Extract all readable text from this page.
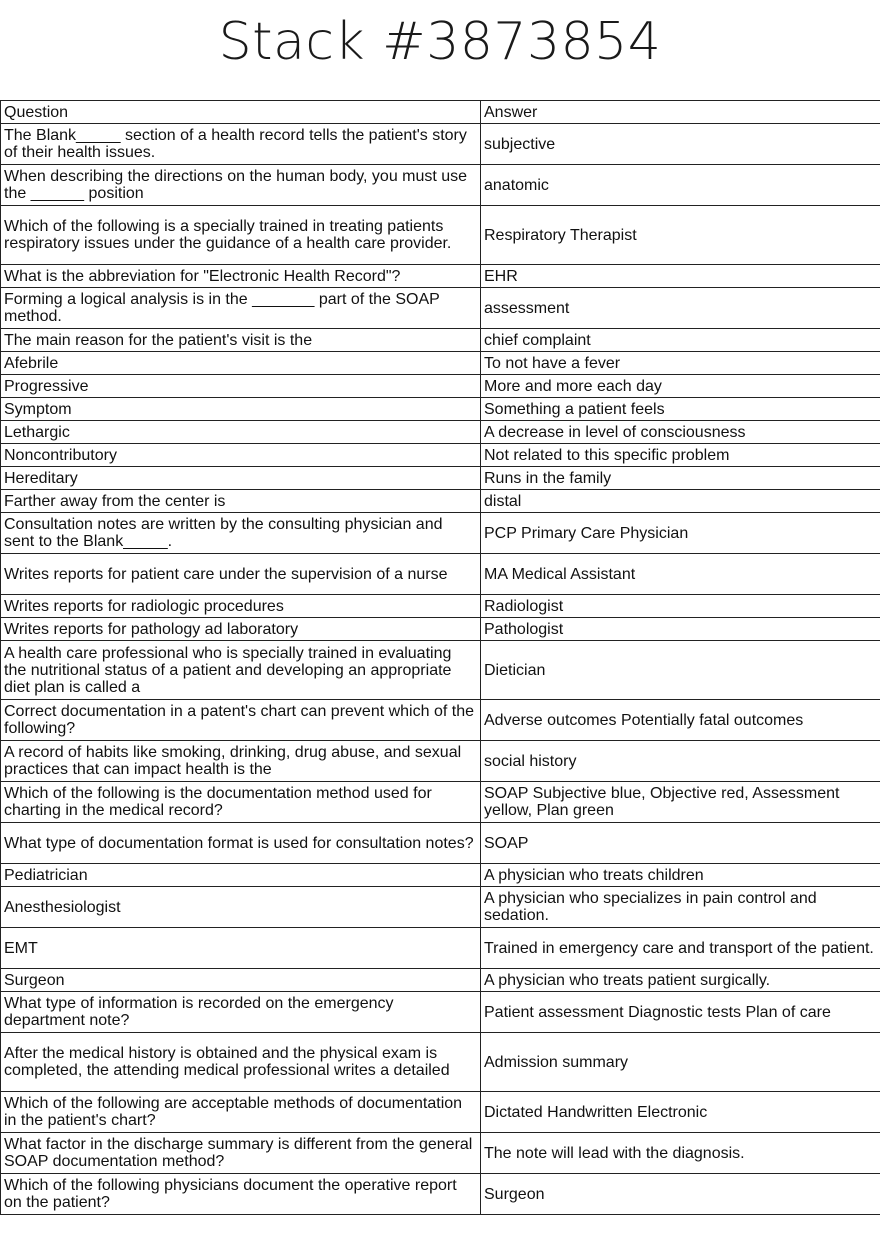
Stack #3873854
Question	Answer
The Blank_____ section of a health record tells the patient's story of their health issues.	subjective
When describing the directions on the human body, you must use the ______ position	anatomic
Which of the following is a specially trained in treating patients respiratory issues under the guidance of a health care provider.	Respiratory Therapist
What is the abbreviation for "Electronic Health Record"?	EHR
Forming a logical analysis is in the _______ part of the SOAP method.	assessment
The main reason for the patient's visit is the	chief complaint
Afebrile	To not have a fever
Progressive	More and more each day
Symptom	Something a patient feels
Lethargic	A decrease in level of consciousness
Noncontributory	Not related to this specific problem
Hereditary	Runs in the family
Farther away from the center is	distal
Consultation notes are written by the consulting physician and sent to the Blank_____.	PCP Primary Care Physician
Writes reports for patient care under the supervision of a nurse	MA Medical Assistant
Writes reports for radiologic procedures	Radiologist
Writes reports for pathology ad laboratory	Pathologist
A health care professional who is specially trained in evaluating the nutritional status of a patient and developing an appropriate diet plan is called a	Dietician
Correct documentation in a patent's chart can prevent which of the following?	Adverse outcomes Potentially fatal outcomes
A record of habits like smoking, drinking, drug abuse, and sexual practices that can impact health is the	social history
Which of the following is the documentation method used for charting in the medical record?	SOAP Subjective blue, Objective red, Assessment yellow, Plan green
What type of documentation format is used for consultation notes?	SOAP
Pediatrician	A physician who treats children
Anesthesiologist	A physician who specializes in pain control and sedation.
EMT	Trained in emergency care and transport of the patient.
Surgeon	A physician who treats patient surgically.
What type of information is recorded on the emergency department note?	Patient assessment Diagnostic tests Plan of care
After the medical history is obtained and the physical exam is completed, the attending medical professional writes a detailed	Admission summary
Which of the following are acceptable methods of documentation in the patient's chart?	Dictated Handwritten Electronic
What factor in the discharge summary is different from the general SOAP documentation method?	The note will lead with the diagnosis.
Which of the following physicians document the operative report on the patient?	Surgeon
